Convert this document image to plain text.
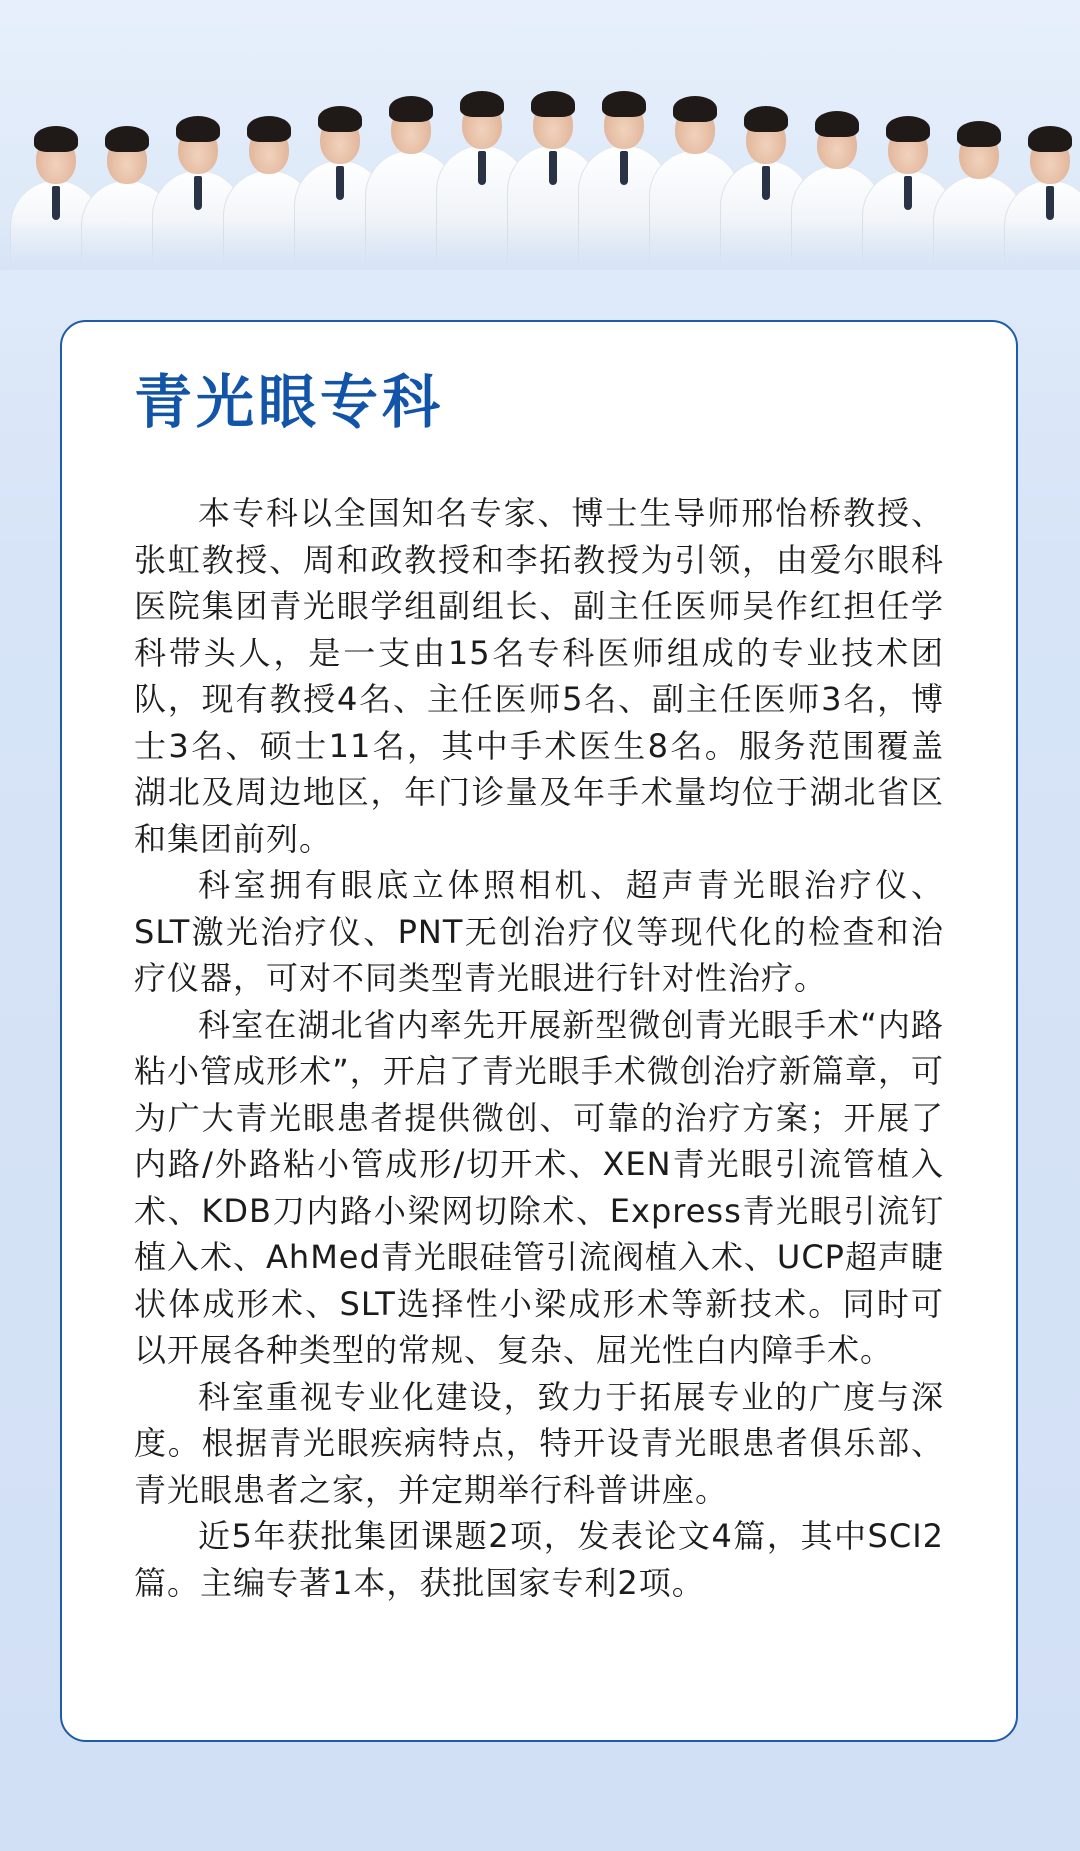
青光眼专科

本专科以全国知名专家、博士生导师邢怡桥教授、张虹教授、周和政教授和李拓教授为引领，由爱尔眼科医院集团青光眼学组副组长、副主任医师吴作红担任学科带头人，是一支由15名专科医师组成的专业技术团队，现有教授4名、主任医师5名、副主任医师3名，博士3名、硕士11名，其中手术医生8名。服务范围覆盖湖北及周边地区，年门诊量及年手术量均位于湖北省区和集团前列。

科室拥有眼底立体照相机、超声青光眼治疗仪、SLT激光治疗仪、PNT无创治疗仪等现代化的检查和治疗仪器，可对不同类型青光眼进行针对性治疗。

科室在湖北省内率先开展新型微创青光眼手术“内路粘小管成形术”，开启了青光眼手术微创治疗新篇章，可为广大青光眼患者提供微创、可靠的治疗方案；开展了内路/外路粘小管成形/切开术、XEN青光眼引流管植入术、KDB刀内路小梁网切除术、Express青光眼引流钉植入术、AhMed青光眼硅管引流阀植入术、UCP超声睫状体成形术、SLT选择性小梁成形术等新技术。同时可以开展各种类型的常规、复杂、屈光性白内障手术。

科室重视专业化建设，致力于拓展专业的广度与深度。根据青光眼疾病特点，特开设青光眼患者俱乐部、青光眼患者之家，并定期举行科普讲座。

近5年获批集团课题2项，发表论文4篇，其中SCI2篇。主编专著1本，获批国家专利2项。
